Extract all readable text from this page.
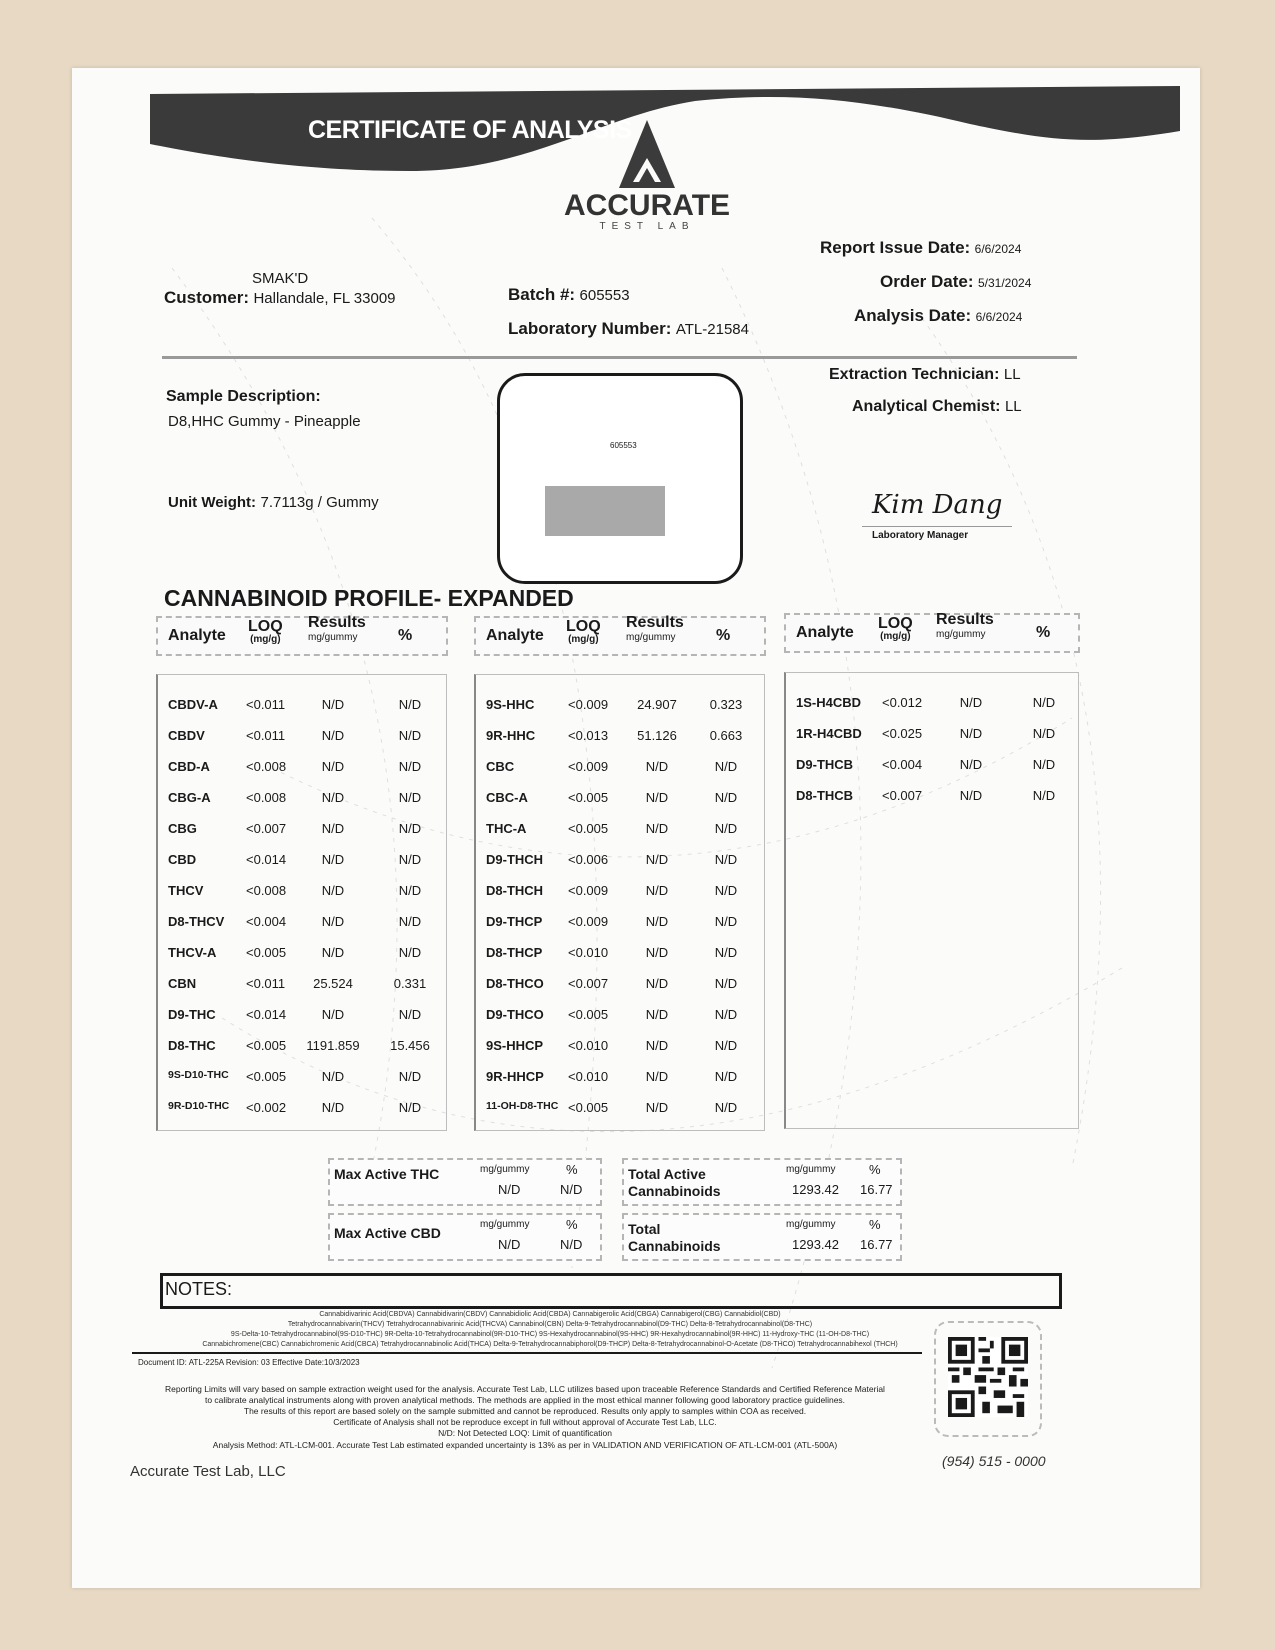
CERTIFICATE OF ANALYSIS
ACCURATE
TEST LAB
SMAK'D
Customer: Hallandale, FL 33009	Batch #: 605553
Laboratory Number: ATL-21584
Report Issue Date: 6/6/2024
Order Date: 5/31/2024
Analysis Date: 6/6/2024
Sample Description:
D8,HHC Gummy - Pineapple
Unit Weight: 7.7113g / Gummy
605553
Extraction Technician: LL
Analytical Chemist: LL
Kim Dang
Laboratory Manager
CANNABINOID PROFILE- EXPANDED
Analyte
LOQ
(mg/g)
Results
mg/gummy	%
CBDV-A <0.011	N/D	N/D
CBDV	<0.011	N/D	N/D
CBD-A	<0.008	N/D	N/D
CBG-A	<0.008	N/D	N/D
CBG	<0.007	N/D	N/D
CBD	<0.014	N/D	N/D
THCV	<0.008	N/D	N/D
D8-THCV <0.004	N/D	N/D
THCV-A <0.005	N/D	N/D
CBN	<0.011	25.524	0.331
D9-THC <0.014	N/D	N/D
D8-THC <0.005	1191.859	15.456
9S-D10-THC <0.005	N/D	N/D
9R-D10-THC <0.002	N/D	N/D
Analyte
LOQ
(mg/g)
Results
mg/gummy	%
9S-HHC	<0.009	24.907	0.323
9R-HHC	<0.013	51.126	0.663
CBC	<0.009	N/D	N/D
CBC-A	<0.005	N/D	N/D
THC-A	<0.005	N/D	N/D
D9-THCH <0.006	N/D	N/D
D8-THCH <0.009	N/D	N/D
D9-THCP <0.009	N/D	N/D
D8-THCP <0.010	N/D	N/D
D8-THCO <0.007	N/D	N/D
D9-THCO <0.005	N/D	N/D
9S-HHCP <0.010	N/D	N/D
9R-HHCP <0.010	N/D	N/D
11-OH-D8-THC <0.005	N/D	N/D
Analyte
LOQ
(mg/g)
Results
mg/gummy	%
1S-H4CBD <0.012	N/D	N/D
1R-H4CBD <0.025	N/D	N/D
D9-THCB <0.004	N/D	N/D
D8-THCB <0.007	N/D	N/D
Max Active THC	mg/gummy	%
N/D	N/D
Max Active CBD
mg/gummy	%
N/D	N/D
Total Active
Cannabinoids
mg/gummy	%
1293.42 16.77
Total
Cannabinoids
mg/gummy	%
1293.42 16.77
NOTES:
Cannabidivarinic Acid(CBDVA) Cannabidivarin(CBDV) Cannabidiolic Acid(CBDA) Cannabigerolic Acid(CBGA) Cannabigerol(CBG) Cannabidiol(CBD)
Tetrahydrocannabivarin(THCV) Tetrahydrocannabivarinic Acid(THCVA) Cannabinol(CBN) Delta-9-Tetrahydrocannabinol(D9-THC) Delta-8-Tetrahydrocannabinol(D8-THC)
9S-Delta-10-Tetrahydrocannabinol(9S-D10-THC) 9R-Delta-10-Tetrahydrocannabinol(9R-D10-THC) 9S-Hexahydrocannabinol(9S-HHC) 9R-Hexahydrocannabinol(9R-HHC) 11-Hydroxy-THC (11-OH-D8-THC)
Cannabichromene(CBC) Cannabichromenic Acid(CBCA) Tetrahydrocannabinolic Acid(THCA) Delta-9-Tetrahydrocannabiphorol(D9-THCP) Delta-8-Tetrahydrocannabinol-O-Acetate (D8-THCO) Tetrahydrocannabihexol (THCH)
Document ID: ATL-225A Revision: 03 Effective Date:10/3/2023
Reporting Limits will vary based on sample extraction weight used for the analysis. Accurate Test Lab, LLC utilizes based upon traceable Reference Standards and Certified Reference Material
to calibrate analytical instruments along with proven analytical methods. The methods are applied in the most ethical manner following good laboratory practice guidelines.
The results of this report are based solely on the sample submitted and cannot be reproduced. Results only apply to samples within COA as received.
Certificate of Analysis shall not be reproduce except in full without approval of Accurate Test Lab, LLC.
N/D: Not Detected LOQ: Limit of quantification
Analysis Method: ATL-LCM-001. Accurate Test Lab estimated expanded uncertainty is 13% as per in VALIDATION AND VERIFICATION OF ATL-LCM-001 (ATL-500A)
Accurate Test Lab, LLC
(954) 515 - 0000
